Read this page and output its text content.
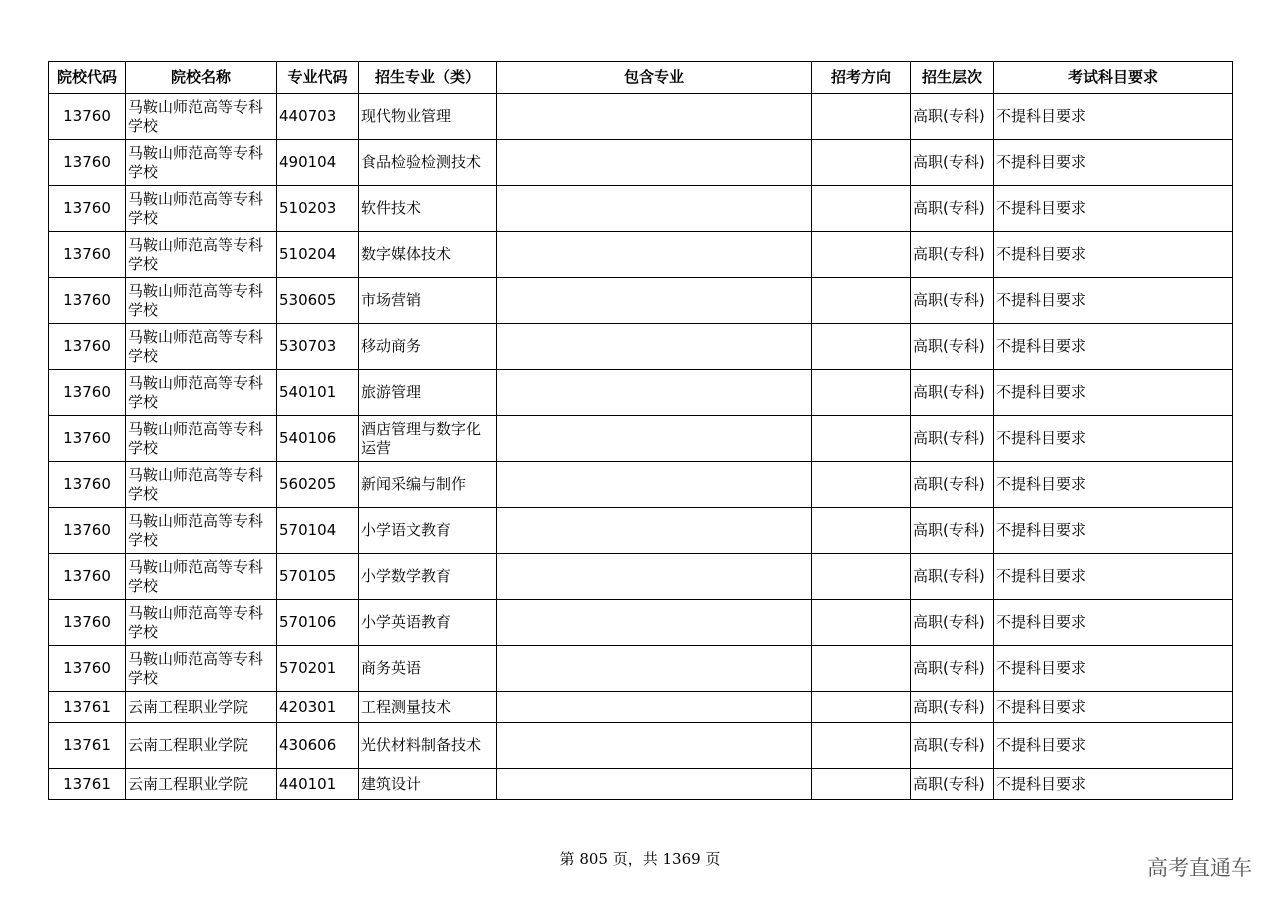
院校代码	院校名称	专业代码	招生专业（类）	包含专业	招考方向	招生层次	考试科目要求
13760	马鞍山师范高等专科学校	440703	现代物业管理			高职(专科)	不提科目要求
13760	马鞍山师范高等专科学校	490104	食品检验检测技术			高职(专科)	不提科目要求
13760	马鞍山师范高等专科学校	510203	软件技术			高职(专科)	不提科目要求
13760	马鞍山师范高等专科学校	510204	数字媒体技术			高职(专科)	不提科目要求
13760	马鞍山师范高等专科学校	530605	市场营销			高职(专科)	不提科目要求
13760	马鞍山师范高等专科学校	530703	移动商务			高职(专科)	不提科目要求
13760	马鞍山师范高等专科学校	540101	旅游管理			高职(专科)	不提科目要求
13760	马鞍山师范高等专科学校	540106	酒店管理与数字化运营			高职(专科)	不提科目要求
13760	马鞍山师范高等专科学校	560205	新闻采编与制作			高职(专科)	不提科目要求
13760	马鞍山师范高等专科学校	570104	小学语文教育			高职(专科)	不提科目要求
13760	马鞍山师范高等专科学校	570105	小学数学教育			高职(专科)	不提科目要求
13760	马鞍山师范高等专科学校	570106	小学英语教育			高职(专科)	不提科目要求
13760	马鞍山师范高等专科学校	570201	商务英语			高职(专科)	不提科目要求
13761	云南工程职业学院	420301	工程测量技术			高职(专科)	不提科目要求
13761	云南工程职业学院	430606	光伏材料制备技术			高职(专科)	不提科目要求
13761	云南工程职业学院	440101	建筑设计			高职(专科)	不提科目要求
第 805 页，共 1369 页	高考直通车
